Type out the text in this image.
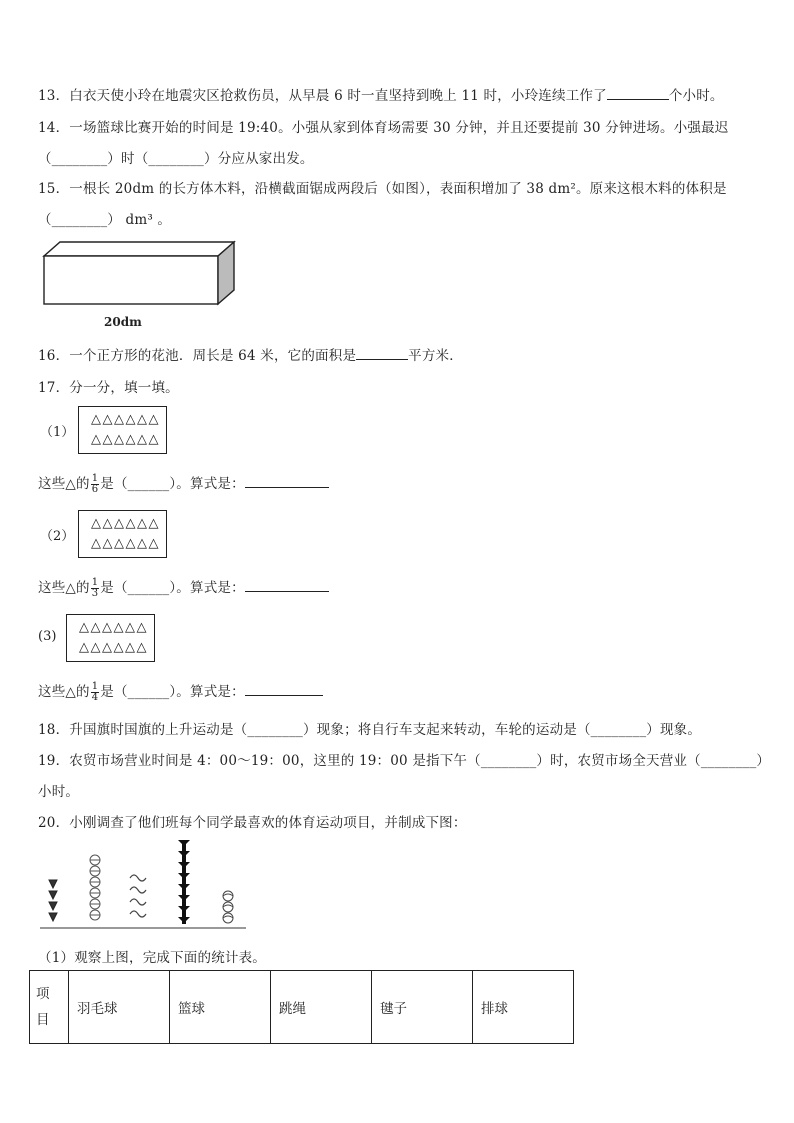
13．白衣天使小玲在地震灾区抢救伤员，从早晨 6 时一直坚持到晚上 11 时，小玲连续工作了	个小时。
14．一场篮球比赛开始的时间是 19:40。小强从家到体育场需要 30 分钟，并且还要提前 30 分钟进场。小强最迟
（________）时（________）分应从家出发。
15．一根长 20dm 的长方体木料，沿横截面锯成两段后（如图），表面积增加了 38 dm²。原来这根木料的体积是
（________） dm³ 。
20dm
16．一个正方形的花池．周长是 64 米，它的面积是	平方米．
17．分一分，填一填。
（1）
△△△△△△
△△△△△△
这些△的 $\frac{1}{6}$ 是（______）。算式是：
（2）
△△△△△△
△△△△△△
这些△的 $\frac{1}{3}$ 是（______）。算式是：
(3)
△△△△△△
△△△△△△
这些△的 $\frac{1}{4}$ 是（______）。算式是：
18．升国旗时国旗的上升运动是（________）现象；将自行车支起来转动，车轮的运动是（________）现象。
19．农贸市场营业时间是 4：00～19：00，这里的 19：00 是指下午（________）时，农贸市场全天营业（________）
小时。
20．小刚调查了他们班每个同学最喜欢的体育运动项目，并制成下图：
（1）观察上图，完成下面的统计表。
项目	羽毛球	篮球	跳绳	毽子	排球
